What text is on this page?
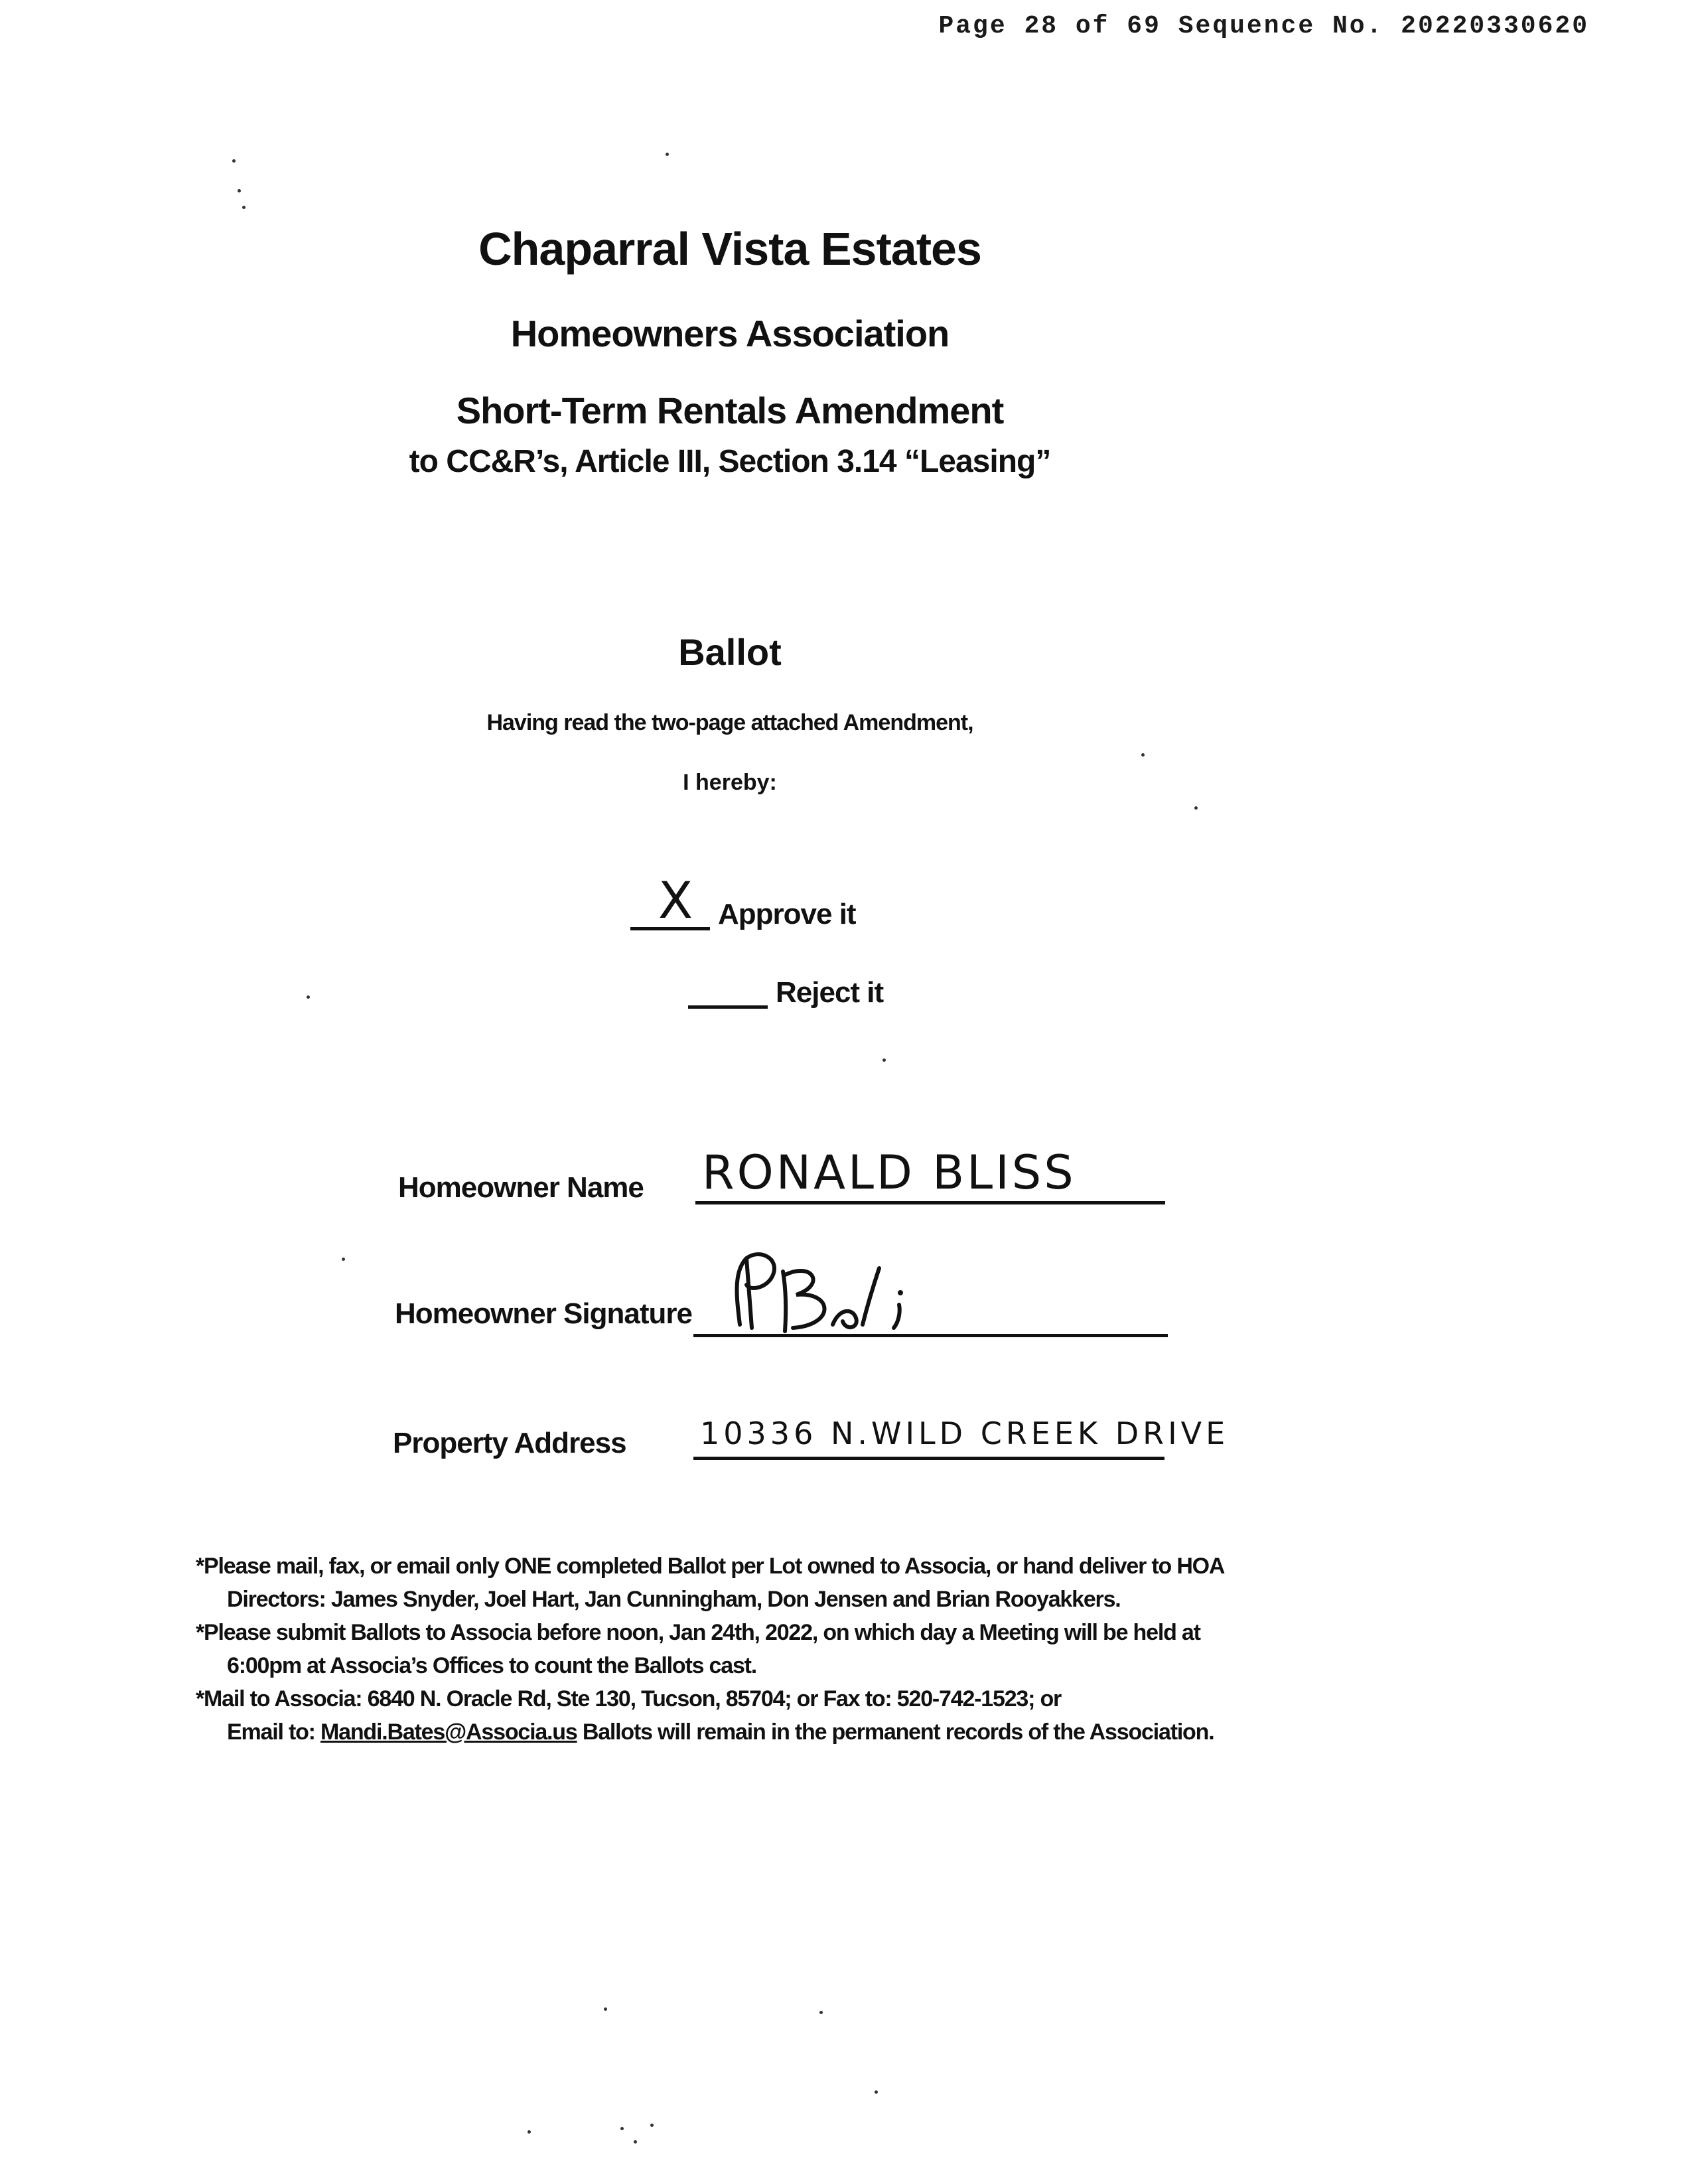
Page 28 of 69 Sequence No. 20220330620
Chaparral Vista Estates
Homeowners Association
Short-Term Rentals Amendment
to CC&R’s, Article III, Section 3.14 “Leasing”
Ballot
Having read the two-page attached Amendment,
I hereby:
X Approve it
Reject it
Homeowner Name RONALD BLISS
Homeowner Signature
Property Address 10336 N.WILD CREEK DRIVE
*Please mail, fax, or email only ONE completed Ballot per Lot owned to Associa, or hand deliver to HOA
Directors: James Snyder, Joel Hart, Jan Cunningham, Don Jensen and Brian Rooyakkers.
*Please submit Ballots to Associa before noon, Jan 24th, 2022, on which day a Meeting will be held at
6:00pm at Associa’s Offices to count the Ballots cast.
*Mail to Associa: 6840 N. Oracle Rd, Ste 130, Tucson, 85704; or Fax to: 520-742-1523; or
Email to: Mandi.Bates@Associa.us Ballots will remain in the permanent records of the Association.
